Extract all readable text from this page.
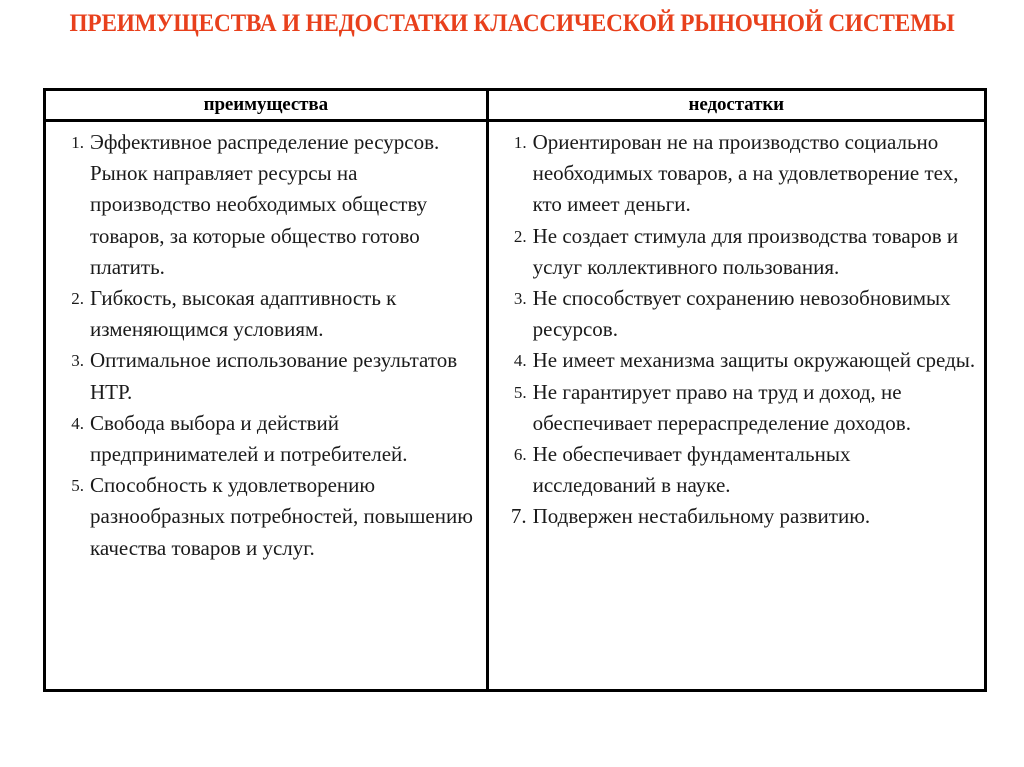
ПРЕИМУЩЕСТВА И НЕДОСТАТКИ КЛАССИЧЕСКОЙ РЫНОЧНОЙ СИСТЕМЫ
преимущества
1. Эффективное распределение ресурсов. Рынок направляет ресурсы на производство необходимых обществу товаров, за которые общество готово платить.
2. Гибкость, высокая адаптивность к изменяющимся условиям.
3. Оптимальное использование результатов НТР.
4. Свобода выбора и действий предпринимателей и потребителей.
5. Способность к удовлетворению разнообразных потребностей, повышению качества товаров и услуг.
недостатки
1. Ориентирован не на производство социально необходимых товаров, а на удовлетворение тех, кто имеет деньги.
2. Не создает стимула для производства товаров и услуг коллективного пользования.
3. Не способствует сохранению невозобновимых ресурсов.
4. Не имеет механизма защиты окружающей среды.
5. Не гарантирует право на труд и доход, не обеспечивает перераспределение доходов.
6. Не обеспечивает фундаментальных исследований в науке.
7. Подвержен нестабильному развитию.
